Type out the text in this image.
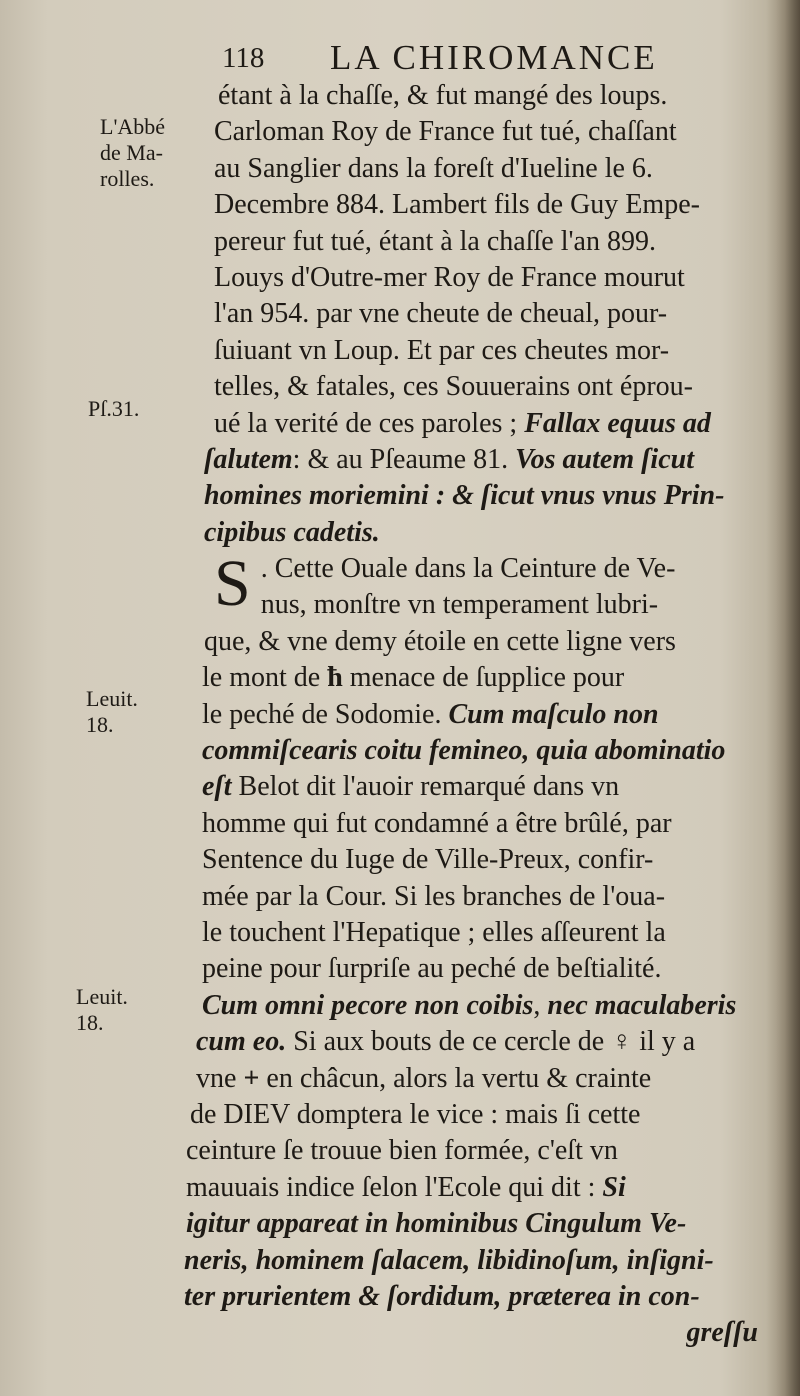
118 LA CHIROMANCE
L'Abbé
de Ma-
rolles.
Pſ.31.
Leuit.
18.
Leuit.
18.
étant à la chaſſe, & fut mangé des loups.
Carloman Roy de France fut tué, chaſſant
au Sanglier dans la foreſt d'Iueline le 6.
Decembre 884. Lambert fils de Guy Empe-
pereur fut tué, étant à la chaſſe l'an 899.
Louys d'Outre-mer Roy de France mourut
l'an 954. par vne cheute de cheual, pour-
ſuiuant vn Loup. Et par ces cheutes mor-
telles, & fatales, ces Souuerains ont éprou-
ué la verité de ces paroles ; Fallax equus ad
ſalutem: & au Pſeaume 81. Vos autem ſicut
homines moriemini : & ſicut vnus vnus Prin-
cipibus cadetis.
S . Cette Ouale dans la Ceinture de Ve-
nus, monſtre vn temperament lubri-
que, & vne demy étoile en cette ligne vers
le mont de ħ menace de ſupplice pour
le peché de Sodomie. Cum maſculo non
commiſcearis coitu femineo, quia abominatio
eſt Belot dit l'auoir remarqué dans vn
homme qui fut condamné a être brûlé, par
Sentence du Iuge de Ville-Preux, confir-
mée par la Cour. Si les branches de l'oua-
le touchent l'Hepatique ; elles aſſeurent la
peine pour ſurpriſe au peché de beſtialité.
Cum omni pecore non coibis, nec maculaberis
cum eo. Si aux bouts de ce cercle de ♀ il y a
vne + en châcun, alors la vertu & crainte
de DIEV domptera le vice : mais ſi cette
ceinture ſe trouue bien formée, c'eſt vn
mauuais indice ſelon l'Ecole qui dit : Si
igitur appareat in hominibus Cingulum Ve-
neris, hominem ſalacem, libidinoſum, inſigni-
ter prurientem & ſordidum, præterea in con-
greſſu
